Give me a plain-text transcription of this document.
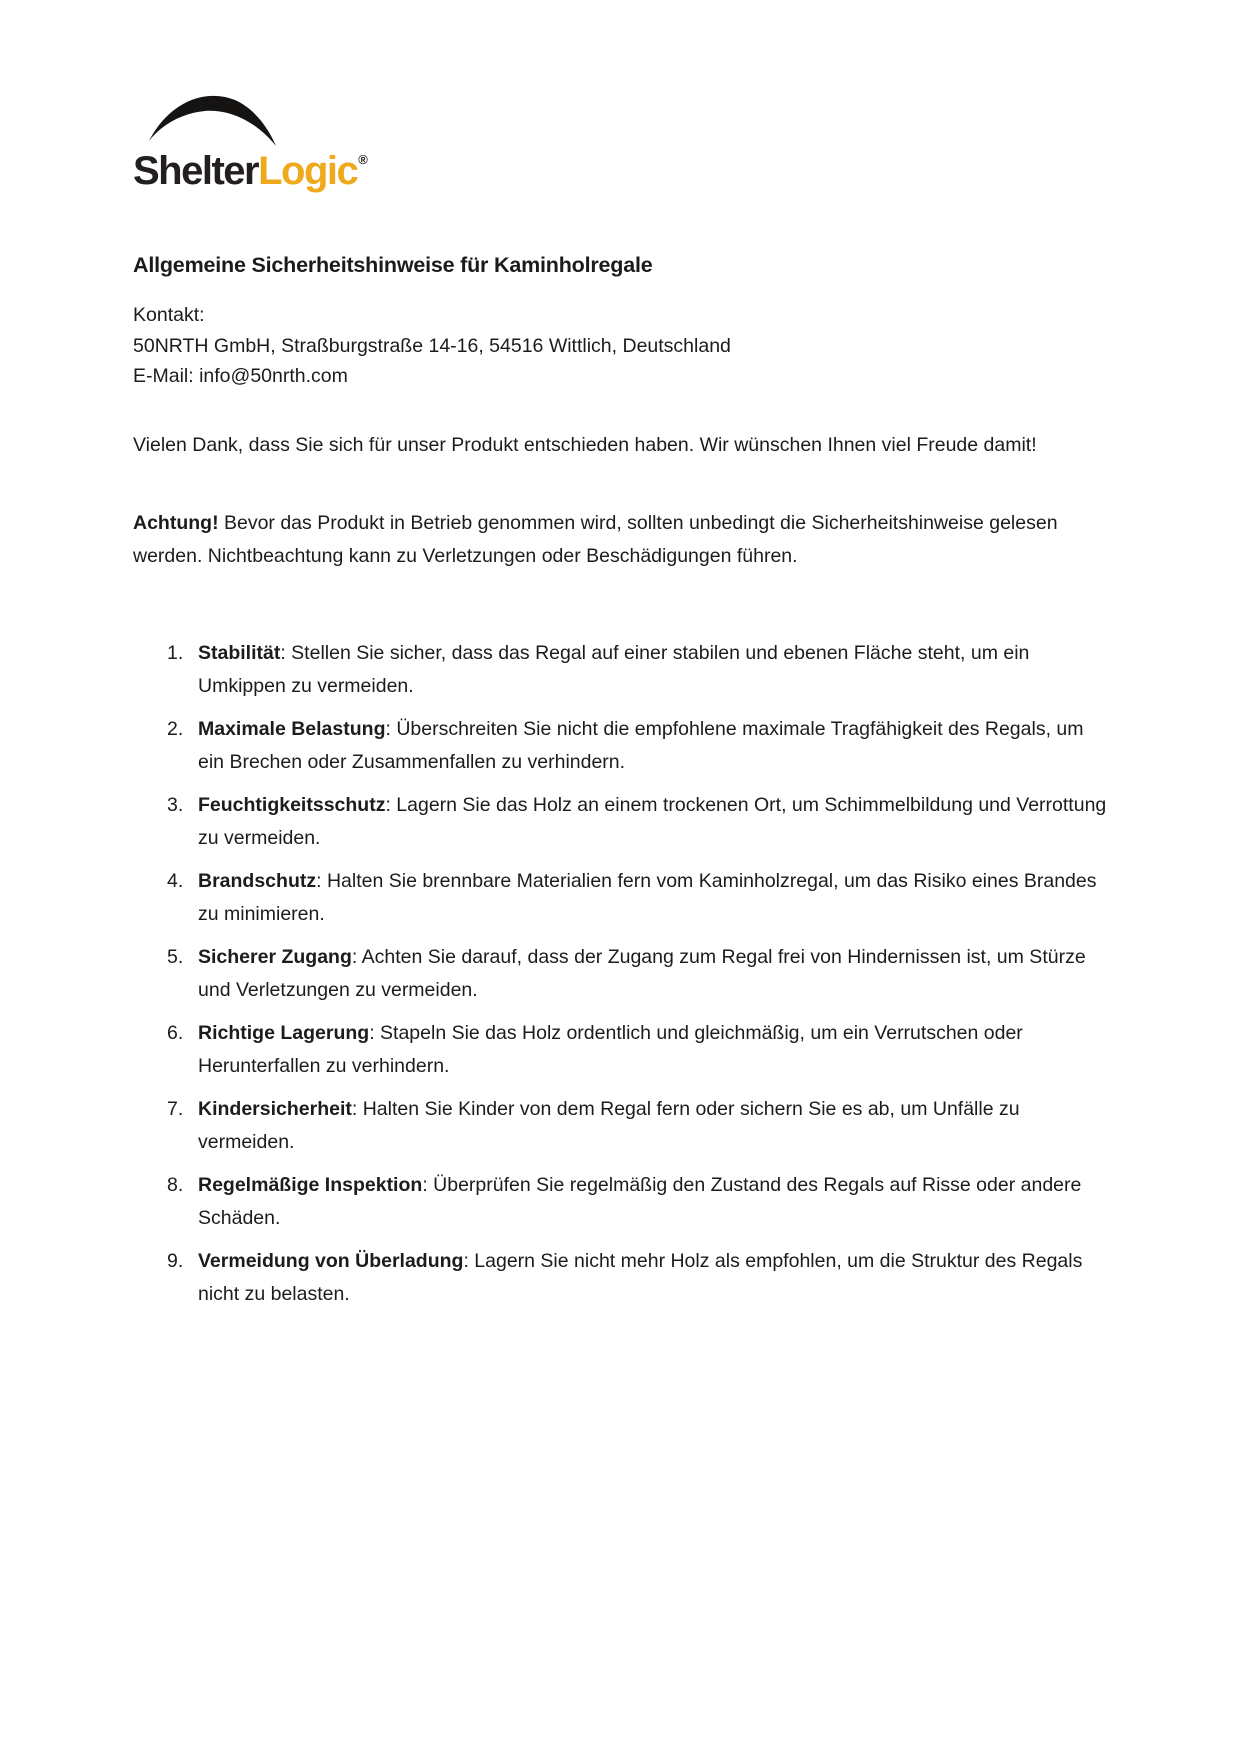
ShelterLogic®
Allgemeine Sicherheitshinweise für Kaminholregale

Kontakt:

50NRTH GmbH, Straßburgstraße 14-16, 54516 Wittlich, Deutschland

E-Mail: info@50nrth.com

Vielen Dank, dass Sie sich für unser Produkt entschieden haben. Wir wünschen Ihnen viel Freude damit!

Achtung! Bevor das Produkt in Betrieb genommen wird, sollten unbedingt die Sicherheitshinweise gelesen werden. Nichtbeachtung kann zu Verletzungen oder Beschädigungen führen.

1. Stabilität: Stellen Sie sicher, dass das Regal auf einer stabilen und ebenen Fläche steht, um ein Umkippen zu vermeiden.
2. Maximale Belastung: Überschreiten Sie nicht die empfohlene maximale Tragfähigkeit des Regals, um ein Brechen oder Zusammenfallen zu verhindern.
3. Feuchtigkeitsschutz: Lagern Sie das Holz an einem trockenen Ort, um Schimmelbildung und Verrottung zu vermeiden.
4. Brandschutz: Halten Sie brennbare Materialien fern vom Kaminholzregal, um das Risiko eines Brandes zu minimieren.
5. Sicherer Zugang: Achten Sie darauf, dass der Zugang zum Regal frei von Hindernissen ist, um Stürze und Verletzungen zu vermeiden.
6. Richtige Lagerung: Stapeln Sie das Holz ordentlich und gleichmäßig, um ein Verrutschen oder Herunterfallen zu verhindern.
7. Kindersicherheit: Halten Sie Kinder von dem Regal fern oder sichern Sie es ab, um Unfälle zu vermeiden.
8. Regelmäßige Inspektion: Überprüfen Sie regelmäßig den Zustand des Regals auf Risse oder andere Schäden.
9. Vermeidung von Überladung: Lagern Sie nicht mehr Holz als empfohlen, um die Struktur des Regals nicht zu belasten.
